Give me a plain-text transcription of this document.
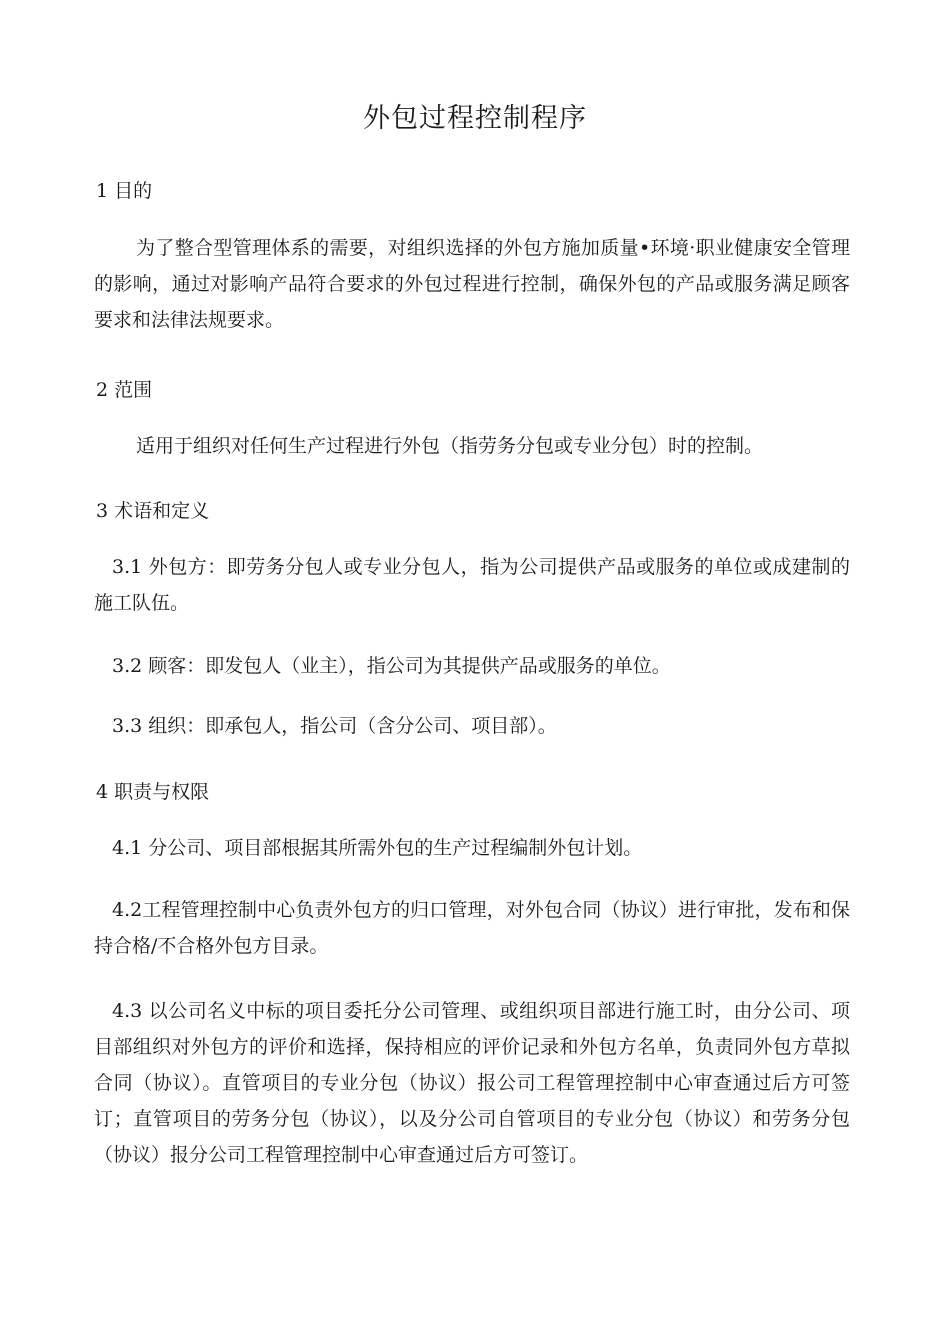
外包过程控制程序
1 目的
为了整合型管理体系的需要，对组织选择的外包方施加质量•环境·职业健康安全管理的影响，通过对影响产品符合要求的外包过程进行控制，确保外包的产品或服务满足顾客要求和法律法规要求。
2 范围
适用于组织对任何生产过程进行外包（指劳务分包或专业分包）时的控制。
3 术语和定义
3.1 外包方：即劳务分包人或专业分包人，指为公司提供产品或服务的单位或成建制的施工队伍。
3.2 顾客：即发包人（业主），指公司为其提供产品或服务的单位。
3.3 组织：即承包人，指公司（含分公司、项目部）。
4 职责与权限
4.1 分公司、项目部根据其所需外包的生产过程编制外包计划。
4.2工程管理控制中心负责外包方的归口管理，对外包合同（协议）进行审批，发布和保持合格/不合格外包方目录。
4.3 以公司名义中标的项目委托分公司管理、或组织项目部进行施工时，由分公司、项目部组织对外包方的评价和选择，保持相应的评价记录和外包方名单，负责同外包方草拟合同（协议）。直管项目的专业分包（协议）报公司工程管理控制中心审查通过后方可签订；直管项目的劳务分包（协议），以及分公司自管项目的专业分包（协议）和劳务分包（协议）报分公司工程管理控制中心审查通过后方可签订。
